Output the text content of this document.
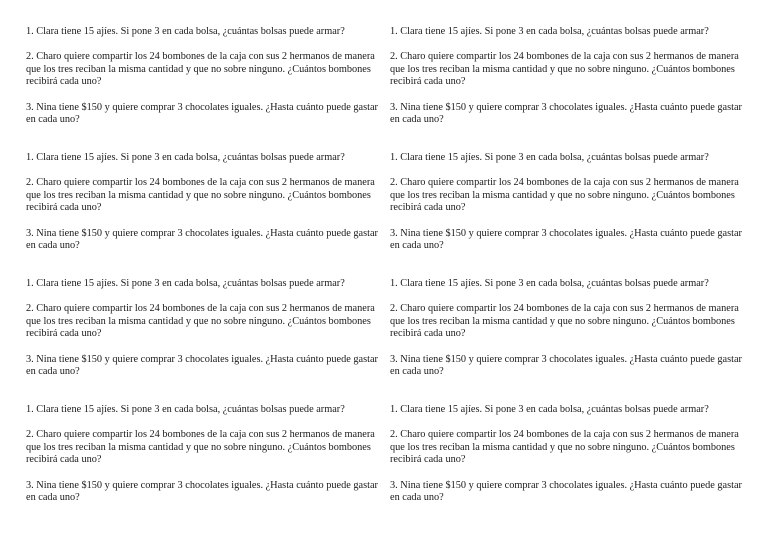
1. Clara tiene 15 ajíes. Si pone 3 en cada bolsa, ¿cuántas bolsas puede armar?

2. Charo quiere compartir los 24 bombones de la caja con sus 2 hermanos de manera que los tres reciban la misma cantidad y que no sobre ninguno. ¿Cuántos bombones recibirá cada uno?

3. Nina tiene $150 y quiere comprar 3 chocolates iguales. ¿Hasta cuánto puede gastar en cada uno?

1. Clara tiene 15 ajíes. Si pone 3 en cada bolsa, ¿cuántas bolsas puede armar?

2. Charo quiere compartir los 24 bombones de la caja con sus 2 hermanos de manera que los tres reciban la misma cantidad y que no sobre ninguno. ¿Cuántos bombones recibirá cada uno?

3. Nina tiene $150 y quiere comprar 3 chocolates iguales. ¿Hasta cuánto puede gastar en cada uno?

1. Clara tiene 15 ajíes. Si pone 3 en cada bolsa, ¿cuántas bolsas puede armar?

2. Charo quiere compartir los 24 bombones de la caja con sus 2 hermanos de manera que los tres reciban la misma cantidad y que no sobre ninguno. ¿Cuántos bombones recibirá cada uno?

3. Nina tiene $150 y quiere comprar 3 chocolates iguales. ¿Hasta cuánto puede gastar en cada uno?

1. Clara tiene 15 ajíes. Si pone 3 en cada bolsa, ¿cuántas bolsas puede armar?

2. Charo quiere compartir los 24 bombones de la caja con sus 2 hermanos de manera que los tres reciban la misma cantidad y que no sobre ninguno. ¿Cuántos bombones recibirá cada uno?

3. Nina tiene $150 y quiere comprar 3 chocolates iguales. ¿Hasta cuánto puede gastar en cada uno?

1. Clara tiene 15 ajíes. Si pone 3 en cada bolsa, ¿cuántas bolsas puede armar?

2. Charo quiere compartir los 24 bombones de la caja con sus 2 hermanos de manera que los tres reciban la misma cantidad y que no sobre ninguno. ¿Cuántos bombones recibirá cada uno?

3. Nina tiene $150 y quiere comprar 3 chocolates iguales. ¿Hasta cuánto puede gastar en cada uno?

1. Clara tiene 15 ajíes. Si pone 3 en cada bolsa, ¿cuántas bolsas puede armar?

2. Charo quiere compartir los 24 bombones de la caja con sus 2 hermanos de manera que los tres reciban la misma cantidad y que no sobre ninguno. ¿Cuántos bombones recibirá cada uno?

3. Nina tiene $150 y quiere comprar 3 chocolates iguales. ¿Hasta cuánto puede gastar en cada uno?

1. Clara tiene 15 ajíes. Si pone 3 en cada bolsa, ¿cuántas bolsas puede armar?

2. Charo quiere compartir los 24 bombones de la caja con sus 2 hermanos de manera que los tres reciban la misma cantidad y que no sobre ninguno. ¿Cuántos bombones recibirá cada uno?

3. Nina tiene $150 y quiere comprar 3 chocolates iguales. ¿Hasta cuánto puede gastar en cada uno?

1. Clara tiene 15 ajíes. Si pone 3 en cada bolsa, ¿cuántas bolsas puede armar?

2. Charo quiere compartir los 24 bombones de la caja con sus 2 hermanos de manera que los tres reciban la misma cantidad y que no sobre ninguno. ¿Cuántos bombones recibirá cada uno?

3. Nina tiene $150 y quiere comprar 3 chocolates iguales. ¿Hasta cuánto puede gastar en cada uno?
